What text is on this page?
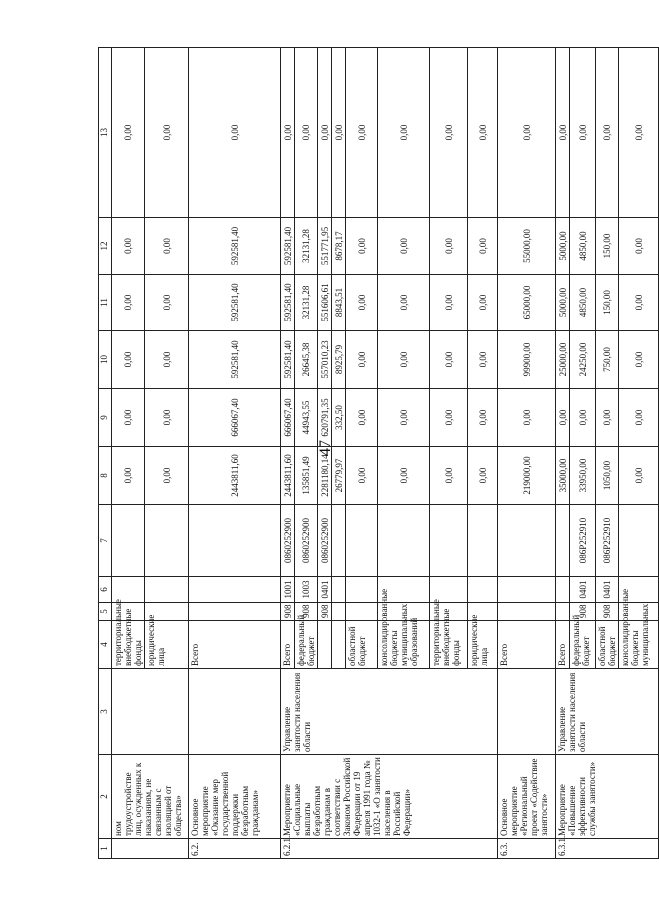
47
1	2	3	4	5	6	7	8	9	10	11	12	13
	ном трудоустройстве лиц, осужденных к наказаниям, не связанным с изоляцией от общества»		территориальные внебюджетные фонды				0,00	0,00	0,00	0,00	0,00	0,00
			юридические лица				0,00	0,00	0,00	0,00	0,00	0,00
6.2.	Основное мероприятие «Оказание мер государственной поддержки безработным гражданам»		Всего				2443811,60	666067,40	592581,40	592581,40	592581,40	0,00
6.2.1.	Мероприятие «Социальные выплаты безработным гражданам в соответствии с Законом Российской Федерации от 19 апреля 1991 года № 1032-1 «О занятости населения в Российской Федерации»	Управление занятости населения области	Всего	908	1001	0860252900	2443811,60	666067,40	592581,40	592581,40	592581,40	0,00
			федеральный бюджет	908	1003	0860252900	135851,49	44943,55	26645,38	32131,28	32131,28	0,00
				908	0401	0860252900	2281180,14	620791,35	557010,23	551606,61	551771,95	0,00
							26779,97	332,50	8925,79	8843,51	8678,17	0,00
			областной бюджет				0,00	0,00	0,00	0,00	0,00	0,00
			консолидированные бюджеты муниципальных образований				0,00	0,00	0,00	0,00	0,00	0,00
			территориальные внебюджетные фонды				0,00	0,00	0,00	0,00	0,00	0,00
			юридические лица				0,00	0,00	0,00	0,00	0,00	0,00
6.3.	Основное мероприятие «Региональный проект «Содействие занятости»		Всего				219000,00	0,00	99900,00	65000,00	55000,00	0,00
6.3.1.	Мероприятие «Повышение эффективности службы занятости»	Управление занятости населения области	Всего				35000,00	0,00	25000,00	5000,00	5000,00	0,00
			федеральный бюджет	908	0401	086P252910	33950,00	0,00	24250,00	4850,00	4850,00	0,00
			областной бюджет	908	0401	086P252910	1050,00	0,00	750,00	150,00	150,00	0,00
			консолидированные бюджеты муниципальных				0,00	0,00	0,00	0,00	0,00	0,00
